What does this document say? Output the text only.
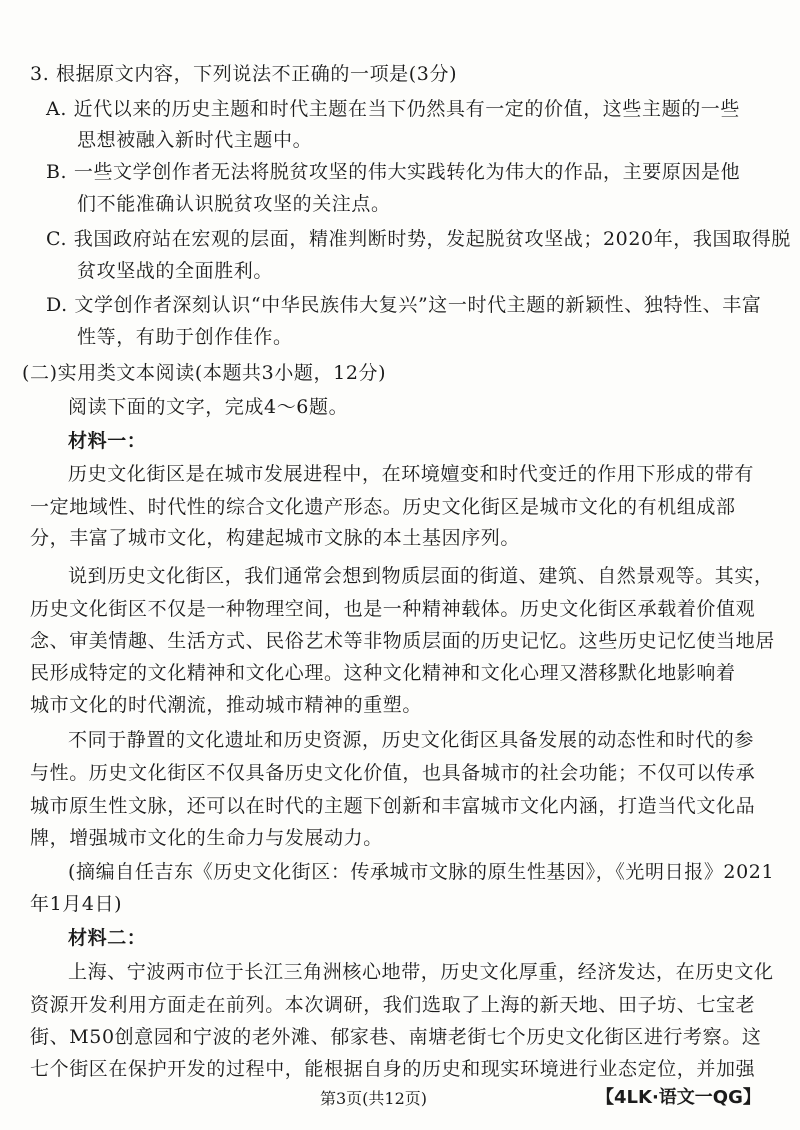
3. 根据原文内容，下列说法不正确的一项是(3分)
A. 近代以来的历史主题和时代主题在当下仍然具有一定的价值，这些主题的一些
思想被融入新时代主题中。
B. 一些文学创作者无法将脱贫攻坚的伟大实践转化为伟大的作品，主要原因是他
们不能准确认识脱贫攻坚的关注点。
C. 我国政府站在宏观的层面，精准判断时势，发起脱贫攻坚战；2020年，我国取得脱
贫攻坚战的全面胜利。
D. 文学创作者深刻认识“中华民族伟大复兴”这一时代主题的新颖性、独特性、丰富
性等，有助于创作佳作。
(二)实用类文本阅读(本题共3小题，12分)
阅读下面的文字，完成4～6题。
材料一：
历史文化街区是在城市发展进程中，在环境嬗变和时代变迁的作用下形成的带有
一定地域性、时代性的综合文化遗产形态。历史文化街区是城市文化的有机组成部
分，丰富了城市文化，构建起城市文脉的本土基因序列。
说到历史文化街区，我们通常会想到物质层面的街道、建筑、自然景观等。其实，
历史文化街区不仅是一种物理空间，也是一种精神载体。历史文化街区承载着价值观
念、审美情趣、生活方式、民俗艺术等非物质层面的历史记忆。这些历史记忆使当地居
民形成特定的文化精神和文化心理。这种文化精神和文化心理又潜移默化地影响着
城市文化的时代潮流，推动城市精神的重塑。
不同于静置的文化遗址和历史资源，历史文化街区具备发展的动态性和时代的参
与性。历史文化街区不仅具备历史文化价值，也具备城市的社会功能；不仅可以传承
城市原生性文脉，还可以在时代的主题下创新和丰富城市文化内涵，打造当代文化品
牌，增强城市文化的生命力与发展动力。
(摘编自任吉东《历史文化街区：传承城市文脉的原生性基因》，《光明日报》2021
年1月4日)
材料二：
上海、宁波两市位于长江三角洲核心地带，历史文化厚重，经济发达，在历史文化
资源开发利用方面走在前列。本次调研，我们选取了上海的新天地、田子坊、七宝老
街、M50创意园和宁波的老外滩、郁家巷、南塘老街七个历史文化街区进行考察。这
七个街区在保护开发的过程中，能根据自身的历史和现实环境进行业态定位，并加强
第3页(共12页)	【4LK·语文一QG】
